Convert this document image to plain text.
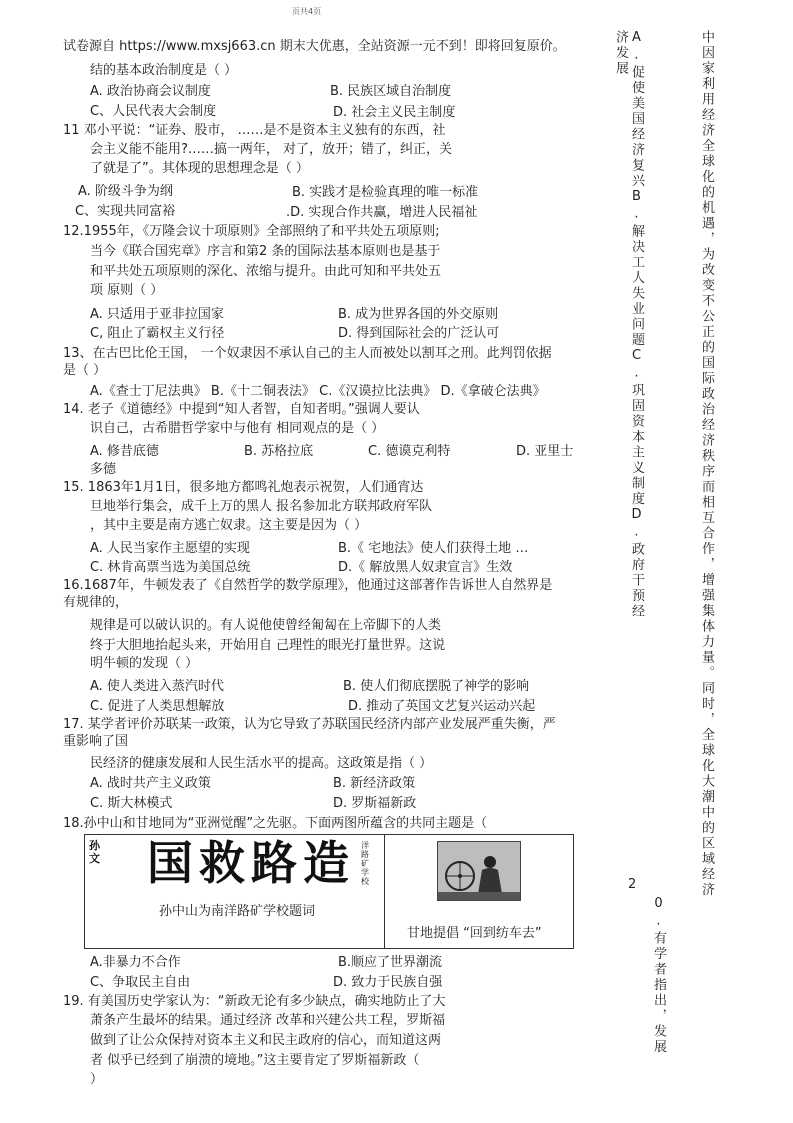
页共4页
试卷源自 https://www.mxsj663.cn 期末大优惠，全站资源一元不到！即将回复原价。
结的基本政治制度是（ ）
A. 政治协商会议制度	B. 民族区域自治制度
C、人民代表大会制度	D. 社会主义民主制度
11 邓小平说：“证券、股市， ……是不是资本主义独有的东西，社
会主义能不能用?……搞一两年， 对了，放开；错了，纠正，关
了就是了”。其体现的思想理念是（ ）
A. 阶级斗争为纲	B. 实践才是检验真理的唯一标准
C、实现共同富裕	.D. 实现合作共赢，增进人民福祉
12.1955年，《万隆会议十项原则》全部照纳了和平共处五项原则;
当今《联合国宪章》序言和第2 条的国际法基本原则也是基于
和平共处五项原则的深化、浓缩与提升。由此可知和平共处五
项 原则（ ）
A. 只适用于亚非拉国家	B. 成为世界各国的外交原则
C, 阻止了霸权主义行径	D. 得到国际社会的广泛认可
13、在古巴比伦王国， 一个奴隶因不承认自己的主人而被处以割耳之刑。此判罚依据
是（ ）
A.《查士丁尼法典》 B.《十二铜表法》 C.《汉谟拉比法典》 D.《拿破仑法典》
14. 老子《道德经》中提到“知人者智，自知者明。”强调人要认
识自己，古希腊哲学家中与他有 相同观点的是（ ）
A. 修昔底德	B. 苏格拉底	C. 德谟克利特	D. 亚里士
多德
15. 1863年1月1日，很多地方都鸣礼炮表示祝贺，人们通宵达
旦地举行集会，成千上万的黑人 报名参加北方联邦政府军队
，其中主要是南方逃亡奴隶。这主要是因为（ ）
A. 人民当家作主愿望的实现	B.《 宅地法》使人们获得土地 …
C. 林肯高票当选为美国总统	D.《 解放黑人奴隶宣言》生效
16.1687年，牛顿发表了《自然哲学的数学原理》，他通过这部著作告诉世人自然界是
有规律的，
规律是可以破认识的。有人说他使曾经匍匐在上帝脚下的人类
终于大胆地抬起头来，开始用自 己理性的眼光打量世界。这说
明牛顿的发现（ ）
A. 使人类进入蒸汽时代	B. 使人们彻底摆脱了神学的影响
C. 促进了人类思想解放	D. 推动了英国文艺复兴运动兴起
17. 某学者评价苏联某一政策，认为它导致了苏联国民经济内部产业发展严重失衡，严
重影响了国
民经济的健康发展和人民生活水平的提高。这政策是指（ ）
A. 战时共产主义政策	B. 新经济政策
C. 斯大林模式	D. 罗斯福新政
18.孙中山和甘地同为“亚洲觉醒”之先驱。下面两图所蕴含的共同主题是（
孙文 国救路造 洋路矿学校
孙中山为南洋路矿学校题词
甘地提倡 “回到纺车去”
A.非暴力不合作	B.顺应了世界潮流
C、争取民主自由	D. 致力于民族自强
19. 有美国历史学家认为：“新政无论有多少缺点，确实地防止了大
萧条产生最坏的结果。通过经济 改革和兴建公共工程，罗斯福
做到了让公众保持对资本主义和民主政府的信心，而知道这两
者 似乎已经到了崩溃的境地。”这主要肯定了罗斯福新政（
）
A.促使美国经济复兴B.解决工人失业问题C.巩固资本主义制度D.政府干预经济发展
2
0.有学者指出，发展
中因家利用经济全球化的机遇，为改变不公正的国际政治经济秩序而相互合作，增强集体力量。同时，全球化大潮中的区域经济
